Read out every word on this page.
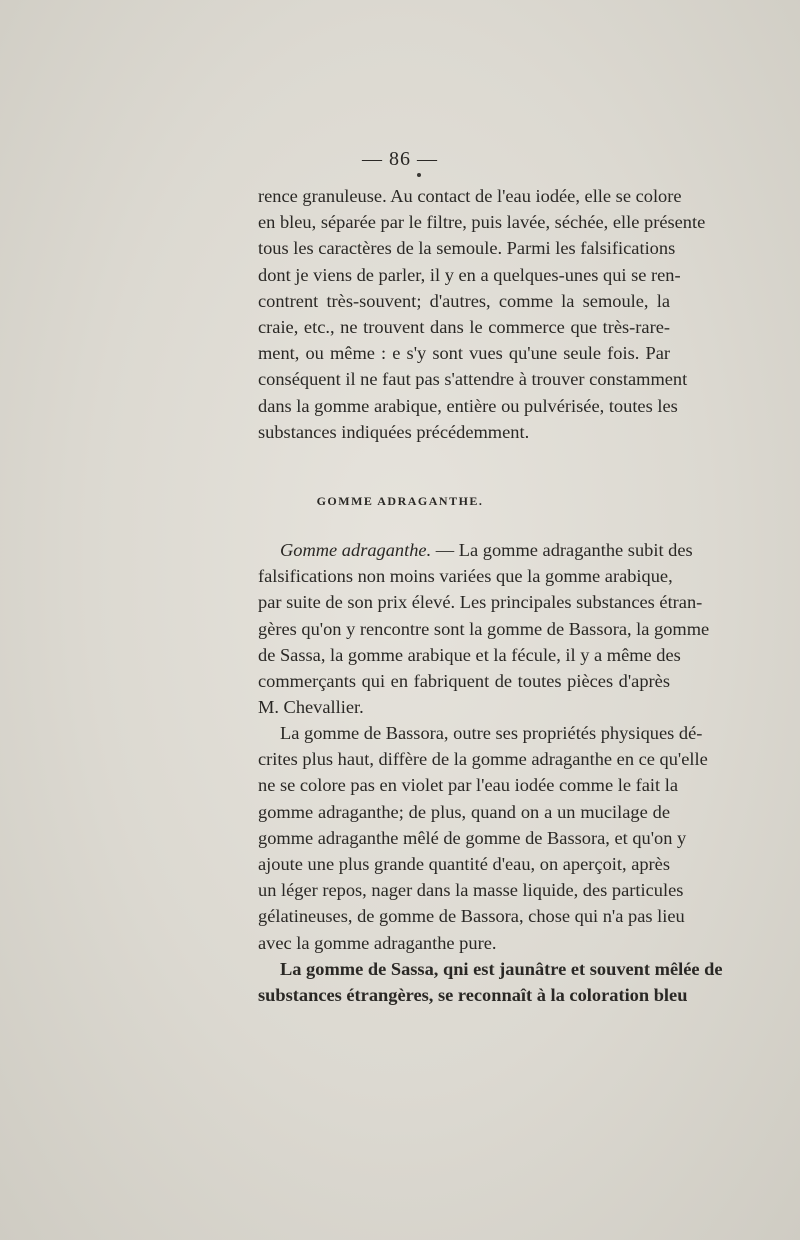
— 86 —

rence granuleuse. Au contact de l'eau iodée, elle se colore
en bleu, séparée par le filtre, puis lavée, séchée, elle présente
tous les caractères de la semoule. Parmi les falsifications
dont je viens de parler, il y en a quelques-unes qui se ren-
contrent très-souvent; d'autres, comme la semoule, la
craie, etc., ne trouvent dans le commerce que très-rare-
ment, ou même : e s'y sont vues qu'une seule fois. Par
conséquent il ne faut pas s'attendre à trouver constamment
dans la gomme arabique, entière ou pulvérisée, toutes les
substances indiquées précédemment.
GOMME ADRAGANTHE.
Gomme adraganthe. — La gomme adraganthe subit des
falsifications non moins variées que la gomme arabique,
par suite de son prix élevé. Les principales substances étran-
gères qu'on y rencontre sont la gomme de Bassora, la gomme
de Sassa, la gomme arabique et la fécule, il y a même des
commerçants qui en fabriquent de toutes pièces d'après
M. Chevallier.
La gomme de Bassora, outre ses propriétés physiques dé-
crites plus haut, diffère de la gomme adraganthe en ce qu'elle
ne se colore pas en violet par l'eau iodée comme le fait la
gomme adraganthe; de plus, quand on a un mucilage de
gomme adraganthe mêlé de gomme de Bassora, et qu'on y
ajoute une plus grande quantité d'eau, on aperçoit, après
un léger repos, nager dans la masse liquide, des particules
gélatineuses, de gomme de Bassora, chose qui n'a pas lieu
avec la gomme adraganthe pure.
La gomme de Sassa, qni est jaunâtre et souvent mêlée de
substances étrangères, se reconnaît à la coloration bleu
